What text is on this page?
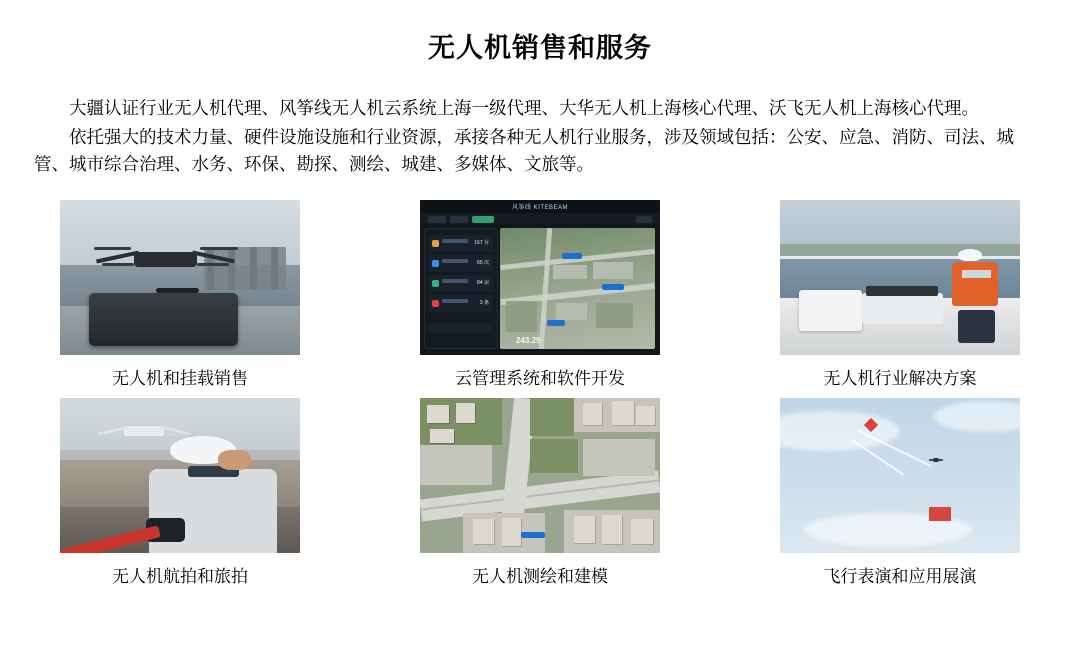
无人机销售和服务

大疆认证行业无人机代理、风筝线无人机云系统上海一级代理、大华无人机上海核心代理、沃飞无人机上海核心代理。

依托强大的技术力量、硬件设施设施和行业资源，承接各种无人机行业服务，涉及领域包括：公安、应急、消防、司法、城管、城市综合治理、水务、环保、勘探、测绘、城建、多媒体、文旅等。

无人机和挂载销售
风筝线 KITEBEAM
167 台
65 次
84 亩
3 条
243.29
云管理系统和软件开发	无人机行业解决方案
无人机航拍和旅拍	无人机测绘和建模	飞行表演和应用展演
